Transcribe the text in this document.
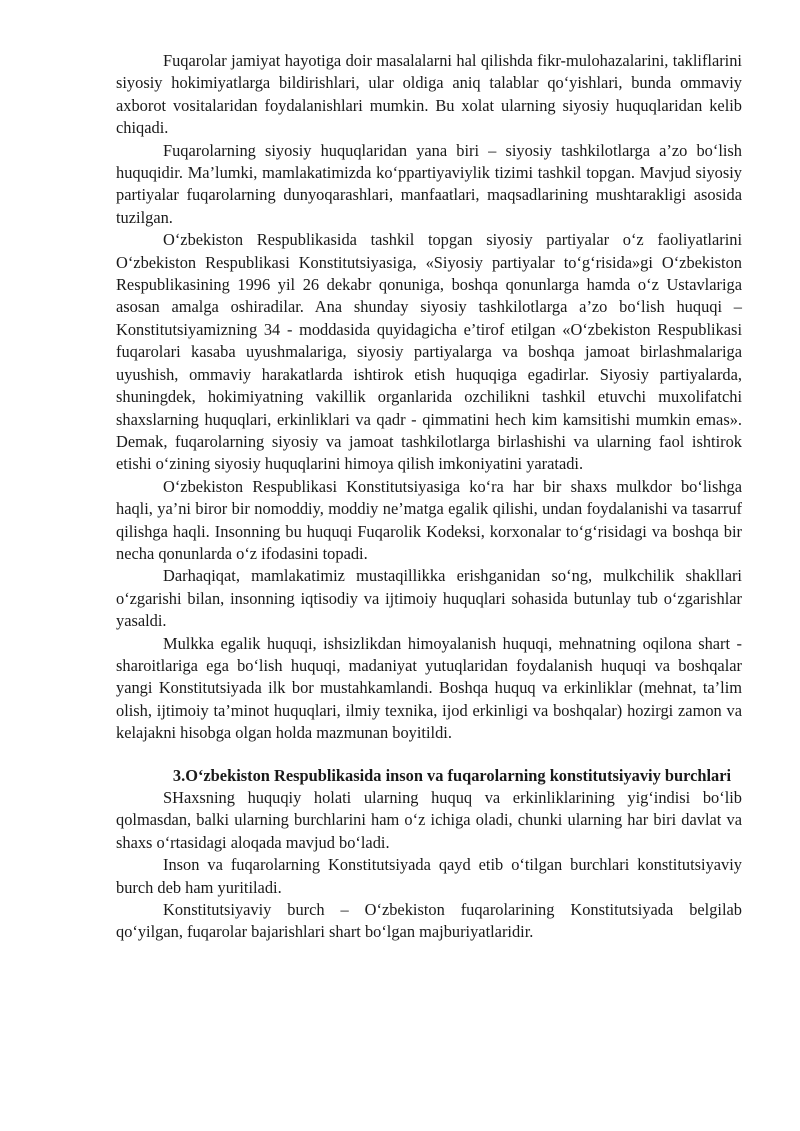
Fuqarolar jamiyat hayotiga doir masalalarni hal qilishda fikr-mulohazalarini, takliflarini siyosiy hokimiyatlarga bildirishlari, ular oldiga aniq talablar qo‘yishlari, bunda ommaviy axborot vositalaridan foydalanishlari mumkin. Bu xolat ularning siyosiy huquqlaridan kelib chiqadi.

Fuqarolarning siyosiy huquqlaridan yana biri – siyosiy tashkilotlarga a’zo bo‘lish huquqidir. Ma’lumki, mamlakatimizda ko‘ppartiyaviylik tizimi tashkil topgan. Mavjud siyosiy partiyalar fuqarolarning dunyoqarashlari, manfaatlari, maqsadlarining mushtarakligi asosida tuzilgan.

O‘zbekiston Respublikasida tashkil topgan siyosiy partiyalar o‘z faoliyatlarini O‘zbekiston Respublikasi Konstitutsiyasiga, «Siyosiy partiyalar to‘g‘risida»gi O‘zbekiston Respublikasining 1996 yil 26 dekabr qonuniga, boshqa qonunlarga hamda o‘z Ustavlariga asosan amalga oshiradilar. Ana shunday siyosiy tashkilotlarga a’zo bo‘lish huquqi – Konstitutsiyamizning 34 - moddasida quyidagicha e’tirof etilgan «O‘zbekiston Respublikasi fuqarolari kasaba uyushmalariga, siyosiy partiyalarga va boshqa jamoat birlashmalariga uyushish, ommaviy harakatlarda ishtirok etish huquqiga egadirlar. Siyosiy partiyalarda, shuningdek, hokimiyatning vakillik organlarida ozchilikni tashkil etuvchi muxolifatchi shaxslarning huquqlari, erkinliklari va qadr - qimmatini hech kim kamsitishi mumkin emas». Demak, fuqarolarning siyosiy va jamoat tashkilotlarga birlashishi va ularning faol ishtirok etishi o‘zining siyosiy huquqlarini himoya qilish imkoniyatini yaratadi.

O‘zbekiston Respublikasi Konstitutsiyasiga ko‘ra har bir shaxs mulkdor bo‘lishga haqli, ya’ni biror bir nomoddiy, moddiy ne’matga egalik qilishi, undan foydalanishi va tasarruf qilishga haqli. Insonning bu huquqi Fuqarolik Kodeksi, korxonalar to‘g‘risidagi va boshqa bir necha qonunlarda o‘z ifodasini topadi.

Darhaqiqat, mamlakatimiz mustaqillikka erishganidan so‘ng, mulkchilik shakllari o‘zgarishi bilan, insonning iqtisodiy va ijtimoiy huquqlari sohasida butunlay tub o‘zgarishlar yasaldi.

Mulkka egalik huquqi, ishsizlikdan himoyalanish huquqi, mehnatning oqilona shart - sharoitlariga ega bo‘lish huquqi, madaniyat yutuqlaridan foydalanish huquqi va boshqalar yangi Konstitutsiyada ilk bor mustahkamlandi. Boshqa huquq va erkinliklar (mehnat, ta’lim olish, ijtimoiy ta’minot huquqlari, ilmiy texnika, ijod erkinligi va boshqalar) hozirgi zamon va kelajakni hisobga olgan holda mazmunan boyitildi.

3.O‘zbekiston Respublikasida inson va fuqarolarning konstitutsiyaviy burchlari

SHaxsning huquqiy holati ularning huquq va erkinliklarining yig‘indisi bo‘lib qolmasdan, balki ularning burchlarini ham o‘z ichiga oladi, chunki ularning har biri davlat va shaxs o‘rtasidagi aloqada mavjud bo‘ladi.

Inson va fuqarolarning Konstitutsiyada qayd etib o‘tilgan burchlari konstitutsiyaviy burch deb ham yuritiladi.

Konstitutsiyaviy burch – O‘zbekiston fuqarolarining Konstitutsiyada belgilab qo‘yilgan, fuqarolar bajarishlari shart bo‘lgan majburiyatlaridir.
